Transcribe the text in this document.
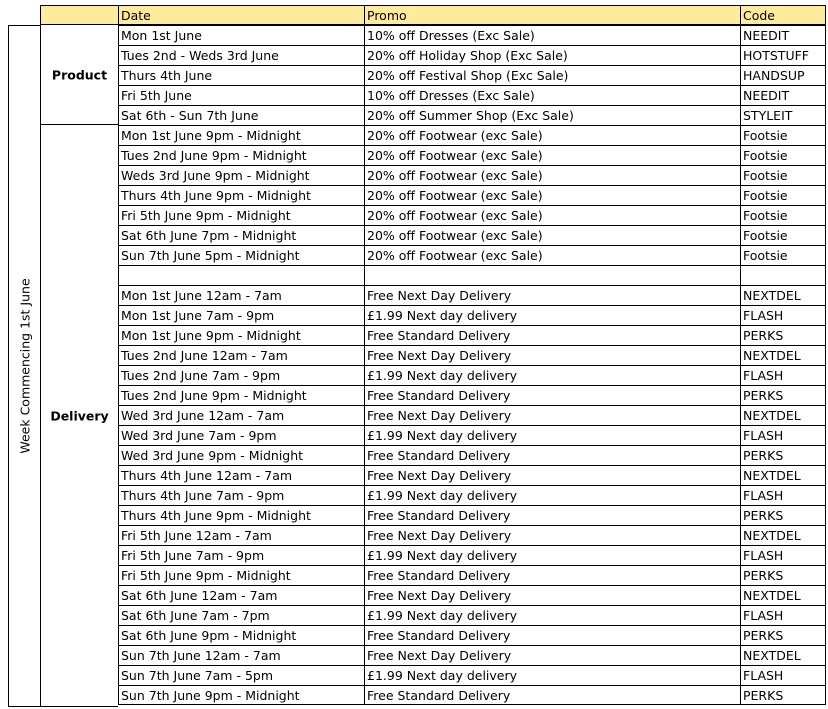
Date	Promo	Code
Week Commencing 1st June
Product
Delivery
Mon 1st June	10% off Dresses (Exc Sale)	NEEDIT
Tues 2nd - Weds 3rd June	20% off Holiday Shop (Exc Sale)	HOTSTUFF
Thurs 4th June	20% off Festival Shop (Exc Sale)	HANDSUP
Fri 5th June	10% off Dresses (Exc Sale)	NEEDIT
Sat 6th - Sun 7th June	20% off Summer Shop (Exc Sale)	STYLEIT
Mon 1st June 9pm - Midnight	20% off Footwear (exc Sale)	Footsie
Tues 2nd June 9pm - Midnight	20% off Footwear (exc Sale)	Footsie
Weds 3rd June 9pm - Midnight	20% off Footwear (exc Sale)	Footsie
Thurs 4th June 9pm - Midnight	20% off Footwear (exc Sale)	Footsie
Fri 5th June 9pm - Midnight	20% off Footwear (exc Sale)	Footsie
Sat 6th June 7pm - Midnight	20% off Footwear (exc Sale)	Footsie
Sun 7th June 5pm - Midnight	20% off Footwear (exc Sale)	Footsie
Mon 1st June 12am - 7am	Free Next Day Delivery	NEXTDEL
Mon 1st June 7am - 9pm	£1.99 Next day delivery	FLASH
Mon 1st June 9pm - Midnight	Free Standard Delivery	PERKS
Tues 2nd June 12am - 7am	Free Next Day Delivery	NEXTDEL
Tues 2nd June 7am - 9pm	£1.99 Next day delivery	FLASH
Tues 2nd June 9pm - Midnight	Free Standard Delivery	PERKS
Wed 3rd June 12am - 7am	Free Next Day Delivery	NEXTDEL
Wed 3rd June 7am - 9pm	£1.99 Next day delivery	FLASH
Wed 3rd June 9pm - Midnight	Free Standard Delivery	PERKS
Thurs 4th June 12am - 7am	Free Next Day Delivery	NEXTDEL
Thurs 4th June 7am - 9pm	£1.99 Next day delivery	FLASH
Thurs 4th June 9pm - Midnight	Free Standard Delivery	PERKS
Fri 5th June 12am - 7am	Free Next Day Delivery	NEXTDEL
Fri 5th June 7am - 9pm	£1.99 Next day delivery	FLASH
Fri 5th June 9pm - Midnight	Free Standard Delivery	PERKS
Sat 6th June 12am - 7am	Free Next Day Delivery	NEXTDEL
Sat 6th June 7am - 7pm	£1.99 Next day delivery	FLASH
Sat 6th June 9pm - Midnight	Free Standard Delivery	PERKS
Sun 7th June 12am - 7am	Free Next Day Delivery	NEXTDEL
Sun 7th June 7am - 5pm	£1.99 Next day delivery	FLASH
Sun 7th June 9pm - Midnight	Free Standard Delivery	PERKS
